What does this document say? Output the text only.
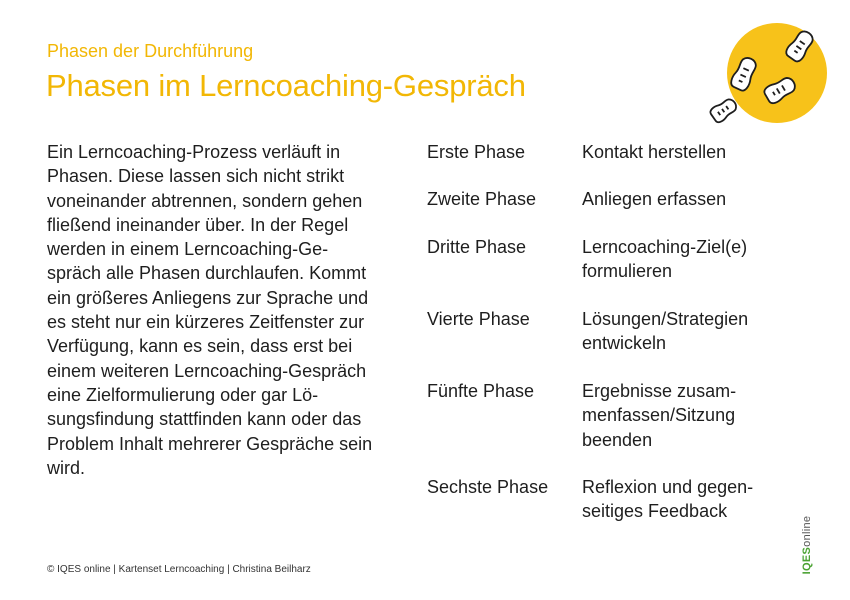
Phasen der Durchführung
Phasen im Lerncoaching-Gespräch

Ein Lerncoaching-Prozess verläuft in
Phasen. Diese lassen sich nicht strikt
voneinander abtrennen, sondern gehen
fließend ineinander über. In der Regel
werden in einem Lerncoaching-Ge-
spräch alle Phasen durchlaufen. Kommt
ein größeres Anliegens zur Sprache und
es steht nur ein kürzeres Zeitfenster zur
Verfügung, kann es sein, dass erst bei
einem weiteren Lerncoaching-Gespräch
eine Zielformulierung oder gar Lö-
sungsfindung stattfinden kann oder das
Problem Inhalt mehrerer Gespräche sein
wird.

Erste Phase	Kontakt herstellen
Zweite Phase	Anliegen erfassen
Dritte Phase	Lerncoaching-Ziel(e)
formulieren
Vierte Phase	Lösungen/Strategien
entwickeln
Fünfte Phase	Ergebnisse zusam-
menfassen/Sitzung
beenden
Sechste Phase	Reflexion und gegen-
seitiges Feedback
© IQES online | Kartenset Lerncoaching | Christina Beilharz	IQESonline
